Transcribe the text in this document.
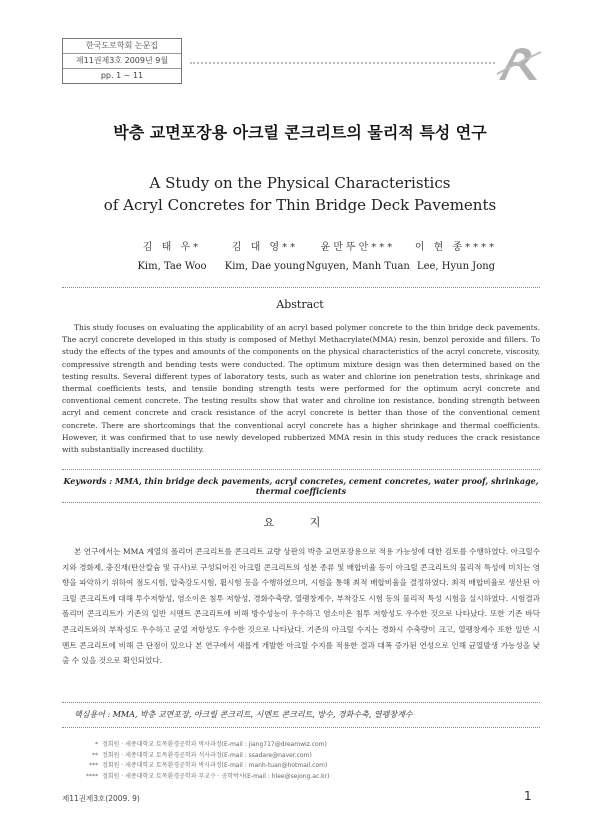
한국도로학회 논문집
제11권제3호 2009년 9월
pp. 1 ~ 11
박층 교면포장용 아크릴 콘크리트의 물리적 특성 연구
A Study on the Physical Characteristics
of Acryl Concretes for Thin Bridge Deck Pavements
김 태 우*
Kim, Tae Woo
김 대 영**
Kim, Dae young
윤만뚜안***
Nguyen, Manh Tuan
이 현 종****
Lee, Hyun Jong
Abstract
This study focuses on evaluating the applicability of an acryl based polymer concrete to the thin bridge deck pavements. The acryl concrete developed in this study is composed of Methyl Methacrylate(MMA) resin, benzol peroxide and fillers. To study the effects of the types and amounts of the components on the physical characteristics of the acryl concrete, viscosity, compressive strength and bending tests were conducted. The optimum mixture design was then determined based on the testing results. Several different types of laboratory tests, such as water and chlorine ion penetration tests, shrinkage and thermal coefficients tests, and tensile bonding strength tests were performed for the optimum acryl concrete and conventional cement concrete. The testing results show that water and chroline ion resistance, bonding strength between acryl and cement concrete and crack resistance of the acryl concrete is better than those of the conventional cement concrete. There are shortcomings that the conventional acryl concrete has a higher shrinkage and thermal coefficients. However, it was confirmed that to use newly developed rubberized MMA resin in this study reduces the crack resistance with substantially increased ductility.
Keywords : MMA, thin bridge deck pavements, acryl concretes, cement concretes, water proof, shrinkage, thermal coefficients
요 지
본 연구에서는 MMA 계열의 폴리머 콘크리트를 콘크리트 교량 상판의 박층 교면포장용으로 적용 가능성에 대한 검토를 수행하였다. 아크릴수지와 경화제, 충진재(탄산칼슘 및 규사)로 구성되어진 아크릴 콘크리트의 성분 종류 및 배합비율 등이 아크릴 콘크리트의 물리적 특성에 미치는 영향을 파악하기 위하여 점도시험, 압축강도시험, 휨시험 등을 수행하였으며, 시험을 통해 최적 배합비율을 결정하였다. 최적 배합비율로 생산된 아크릴 콘크리트에 대해 투수저항성, 염소이온 침투 저항성, 경화수축량, 열팽창계수, 부착강도 시험 등의 물리적 특성 시험을 실시하였다. 시험결과 폴리머 콘크리트가 기존의 일반 시멘트 콘크리트에 비해 방수성능이 우수하고 염소이온 침투 저항성도 우수한 것으로 나타났다. 또한 기존 바닥 콘크리트와의 부착성도 우수하고 균열 저항성도 우수한 것으로 나타났다. 기존의 아크릴 수지는 경화시 수축량이 크고, 열팽창계수 또한 일반 시멘트 콘크리트에 비해 큰 단점이 있으나 본 연구에서 새롭게 개발한 아크릴 수지를 적용한 결과 대폭 증가된 연성으로 인해 균열발생 가능성을 낮출 수 있을 것으로 확인되었다.
핵심용어 : MMA, 박층 교면포장, 아크릴 콘크리트, 시멘트 콘크리트, 방수, 경화수축, 열팽창계수
* 정회원 · 세종대학교 토목환경공학과 박사과정(E-mail : jiang717@dreamwiz.com)
** 정회원 · 세종대학교 토목환경공학과 석사과정(E-mail : ssadare@naver.com)
*** 정회원 · 세종대학교 토목환경공학과 박사과정(E-mail : manh-tuan@hotmail.com)
**** 정회원 · 세종대학교 토목환경공학과 부교수 · 공학박사(E-mail : hlee@sejong.ac.kr)
제11권제3호(2009. 9)	1
